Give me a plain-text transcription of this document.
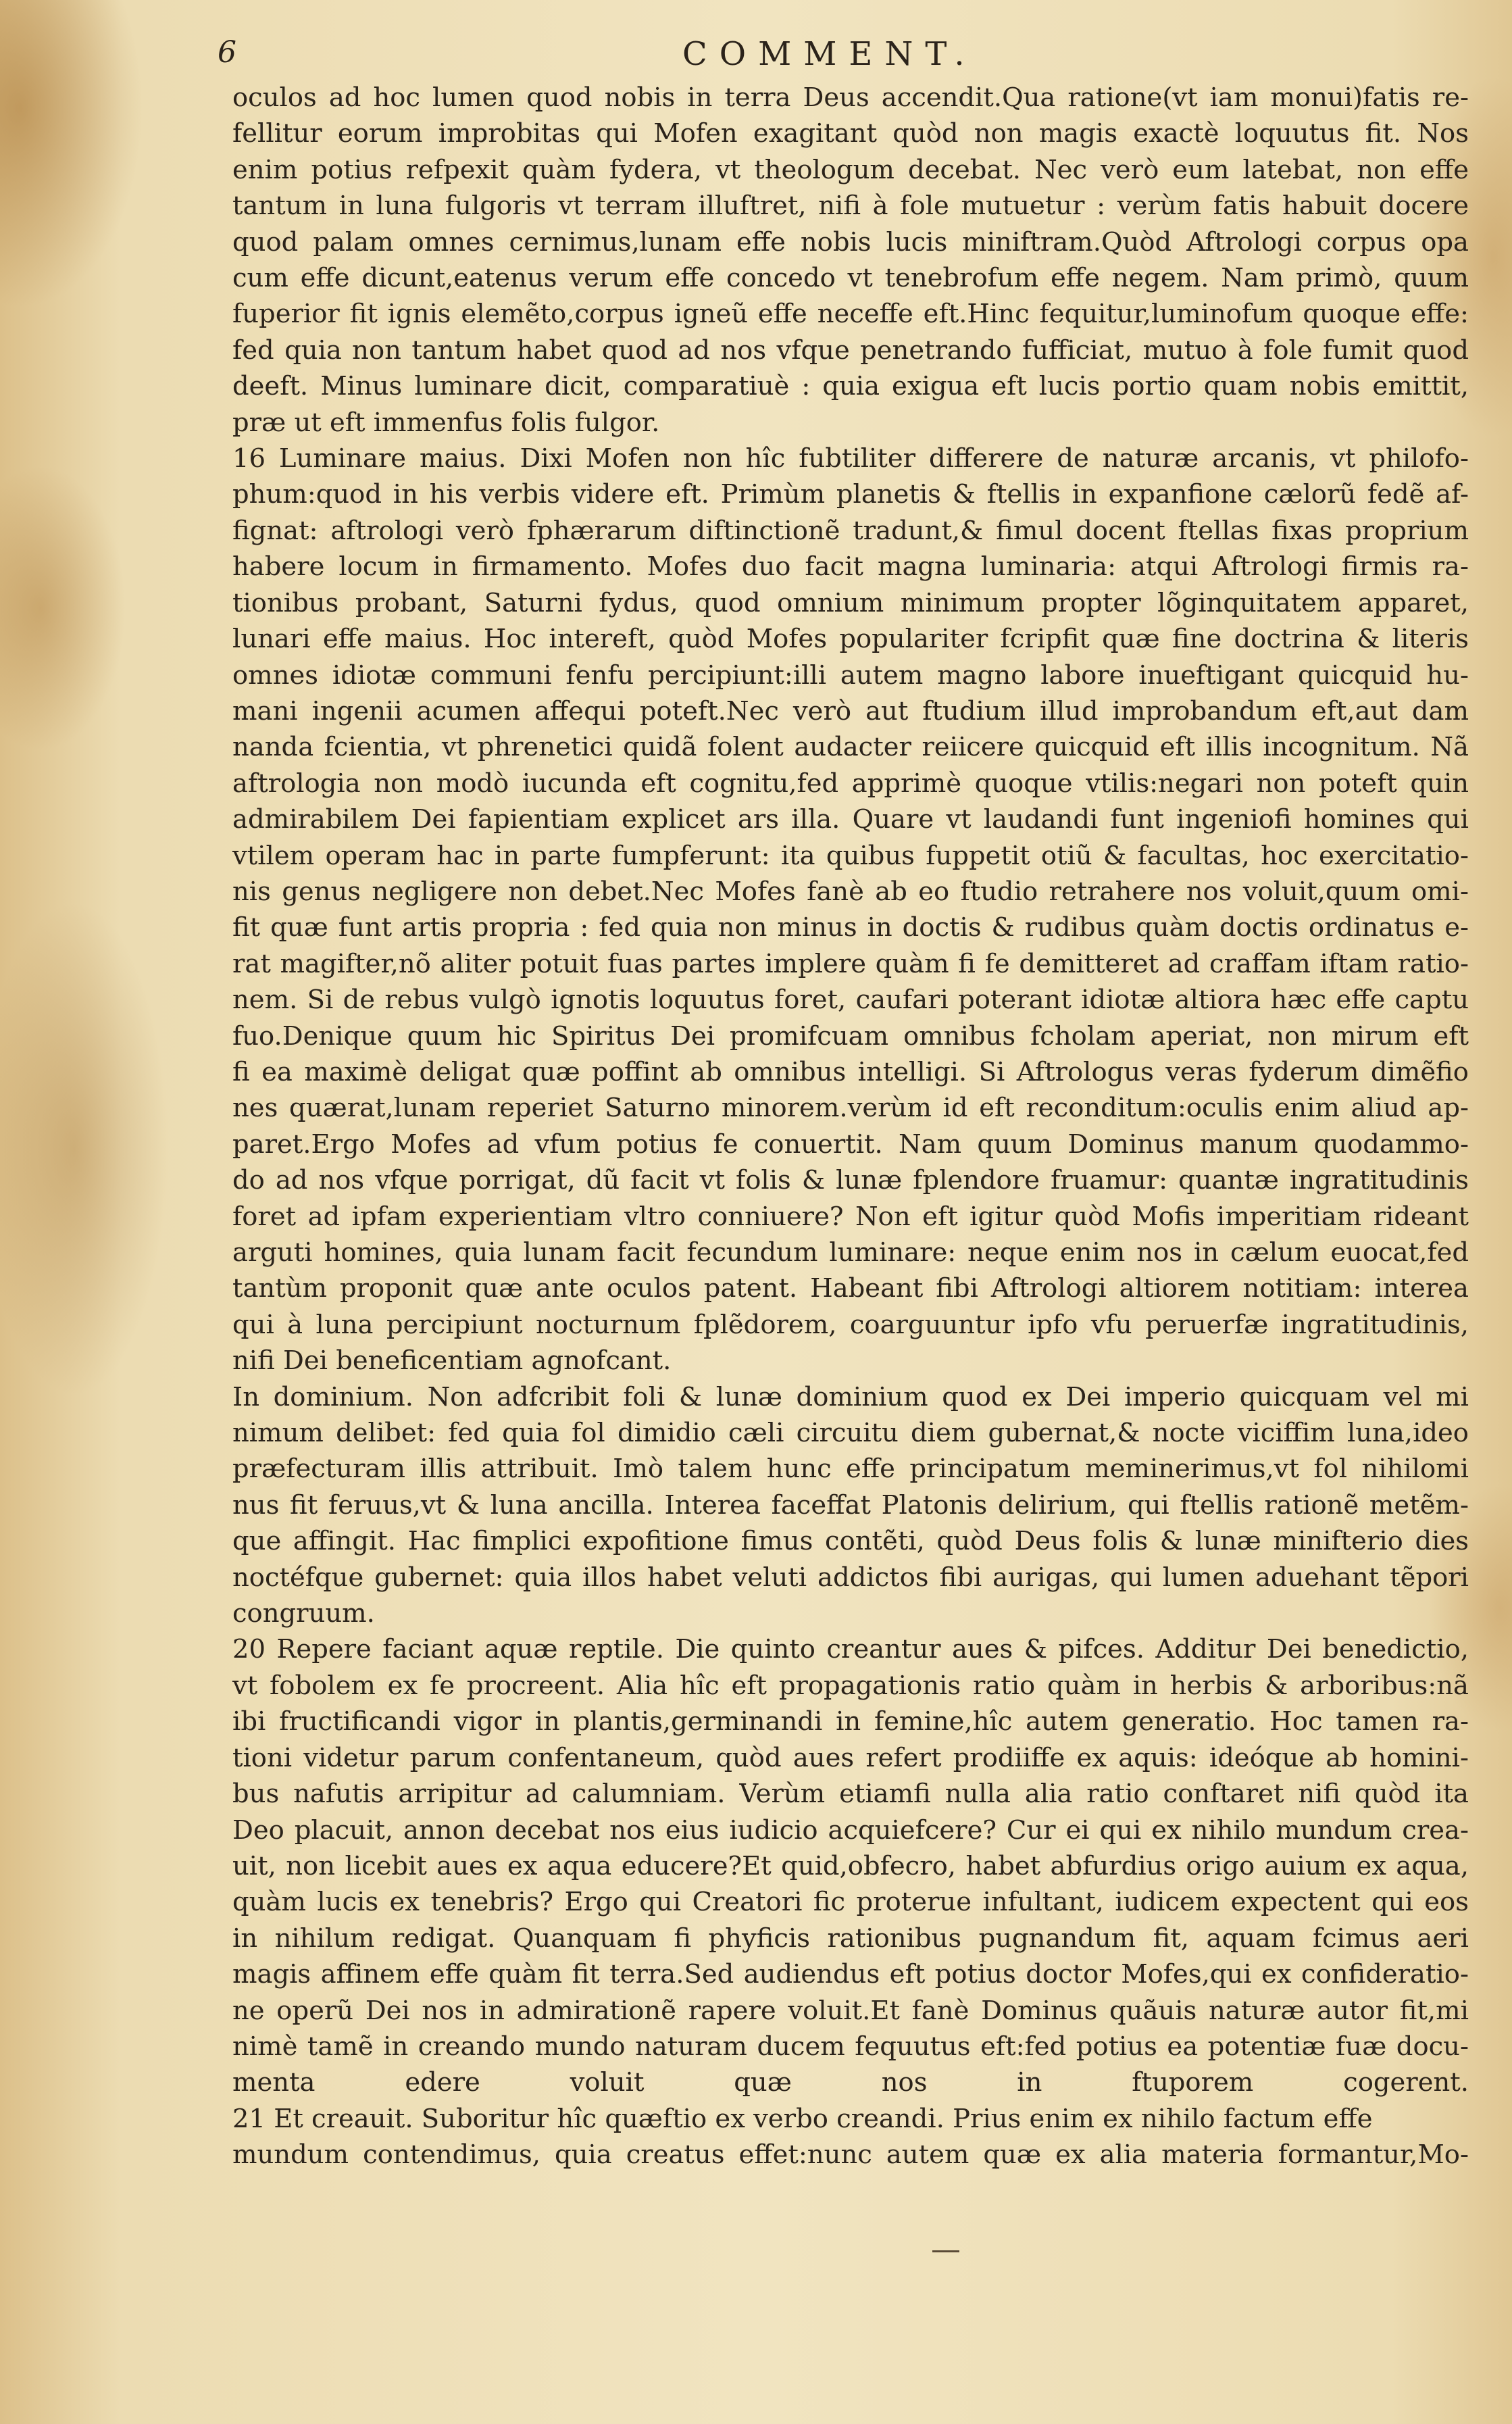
6	COMMENT.
oculos ad hoc lumen quod nobis in terra Deus accendit.Qua ratione(vt iam monui)fatis re-
fellitur eorum improbitas qui Mofen exagitant quòd non magis exactè loquutus fit. Nos
enim potius refpexit quàm fydera, vt theologum decebat. Nec verò eum latebat, non effe
tantum in luna fulgoris vt terram illuftret, nifi à fole mutuetur : verùm fatis habuit docere
quod palam omnes cernimus,lunam effe nobis lucis miniftram.Quòd Aftrologi corpus opa
cum effe dicunt,eatenus verum effe concedo vt tenebrofum effe negem. Nam primò, quum
fuperior fit ignis elemẽto,corpus igneũ effe neceffe eft.Hinc fequitur,luminofum quoque effe:
fed quia non tantum habet quod ad nos vfque penetrando fufficiat, mutuo à fole fumit quod
deeft. Minus luminare dicit, comparatiuè : quia exigua eft lucis portio quam nobis emittit,
præ ut eft immenfus folis fulgor.
16 Luminare maius. Dixi Mofen non hîc fubtiliter differere de naturæ arcanis, vt philofo-
phum:quod in his verbis videre eft. Primùm planetis & ftellis in expanfione cælorũ fedẽ af-
fignat: aftrologi verò fphærarum diftinctionẽ tradunt,& fimul docent ftellas fixas proprium
habere locum in firmamento. Mofes duo facit magna luminaria: atqui Aftrologi firmis ra-
tionibus probant, Saturni fydus, quod omnium minimum propter lõginquitatem apparet,
lunari effe maius. Hoc intereft, quòd Mofes populariter fcripfit quæ fine doctrina & literis
omnes idiotæ communi fenfu percipiunt:illi autem magno labore inueftigant quicquid hu-
mani ingenii acumen affequi poteft.Nec verò aut ftudium illud improbandum eft,aut dam
nanda fcientia, vt phrenetici quidã folent audacter reiicere quicquid eft illis incognitum. Nã
aftrologia non modò iucunda eft cognitu,fed apprimè quoque vtilis:negari non poteft quin
admirabilem Dei fapientiam explicet ars illa. Quare vt laudandi funt ingeniofi homines qui
vtilem operam hac in parte fumpferunt: ita quibus fuppetit otiũ & facultas, hoc exercitatio-
nis genus negligere non debet.Nec Mofes fanè ab eo ftudio retrahere nos voluit,quum omi-
fit quæ funt artis propria : fed quia non minus in doctis & rudibus quàm doctis ordinatus e-
rat magifter,nõ aliter potuit fuas partes implere quàm fi fe demitteret ad craffam iftam ratio-
nem. Si de rebus vulgò ignotis loquutus foret, caufari poterant idiotæ altiora hæc effe captu
fuo.Denique quum hic Spiritus Dei promifcuam omnibus fcholam aperiat, non mirum eft
fi ea maximè deligat quæ poffint ab omnibus intelligi. Si Aftrologus veras fyderum dimẽfio
nes quærat,lunam reperiet Saturno minorem.verùm id eft reconditum:oculis enim aliud ap-
paret.Ergo Mofes ad vfum potius fe conuertit. Nam quum Dominus manum quodammo-
do ad nos vfque porrigat, dũ facit vt folis & lunæ fplendore fruamur: quantæ ingratitudinis
foret ad ipfam experientiam vltro conniuere? Non eft igitur quòd Mofis imperitiam rideant
arguti homines, quia lunam facit fecundum luminare: neque enim nos in cælum euocat,fed
tantùm proponit quæ ante oculos patent. Habeant fibi Aftrologi altiorem notitiam: interea
qui à luna percipiunt nocturnum fplẽdorem, coarguuntur ipfo vfu peruerfæ ingratitudinis,
nifi Dei beneficentiam agnofcant.
In dominium. Non adfcribit foli & lunæ dominium quod ex Dei imperio quicquam vel mi
nimum delibet: fed quia fol dimidio cæli circuitu diem gubernat,& nocte viciffim luna,ideo
præfecturam illis attribuit. Imò talem hunc effe principatum meminerimus,vt fol nihilomi
nus fit feruus,vt & luna ancilla. Interea faceffat Platonis delirium, qui ftellis rationẽ metẽm-
que affingit. Hac fimplici expofitione fimus contẽti, quòd Deus folis & lunæ minifterio dies
noctéfque gubernet: quia illos habet veluti addictos fibi aurigas, qui lumen aduehant tẽpori
congruum.
20 Repere faciant aquæ reptile. Die quinto creantur aues & pifces. Additur Dei benedictio,
vt fobolem ex fe procreent. Alia hîc eft propagationis ratio quàm in herbis & arboribus:nã
ibi fructificandi vigor in plantis,germinandi in femine,hîc autem generatio. Hoc tamen ra-
tioni videtur parum confentaneum, quòd aues refert prodiiffe ex aquis: ideóque ab homini-
bus nafutis arripitur ad calumniam. Verùm etiamfi nulla alia ratio conftaret nifi quòd ita
Deo placuit, annon decebat nos eius iudicio acquiefcere? Cur ei qui ex nihilo mundum crea-
uit, non licebit aues ex aqua educere?Et quid,obfecro, habet abfurdius origo auium ex aqua,
quàm lucis ex tenebris? Ergo qui Creatori fic proterue infultant, iudicem expectent qui eos
in nihilum redigat. Quanquam fi phyficis rationibus pugnandum fit, aquam fcimus aeri
magis affinem effe quàm fit terra.Sed audiendus eft potius doctor Mofes,qui ex confideratio-
ne operũ Dei nos in admirationẽ rapere voluit.Et fanè Dominus quãuis naturæ autor fit,mi
nimè tamẽ in creando mundo naturam ducem fequutus eft:fed potius ea potentiæ fuæ docu-
menta edere voluit quæ nos in ftuporem cogerent.
21 Et creauit. Suboritur hîc quæftio ex verbo creandi. Prius enim ex nihilo factum effe
mundum contendimus, quia creatus effet:nunc autem quæ ex alia materia formantur,Mo-
